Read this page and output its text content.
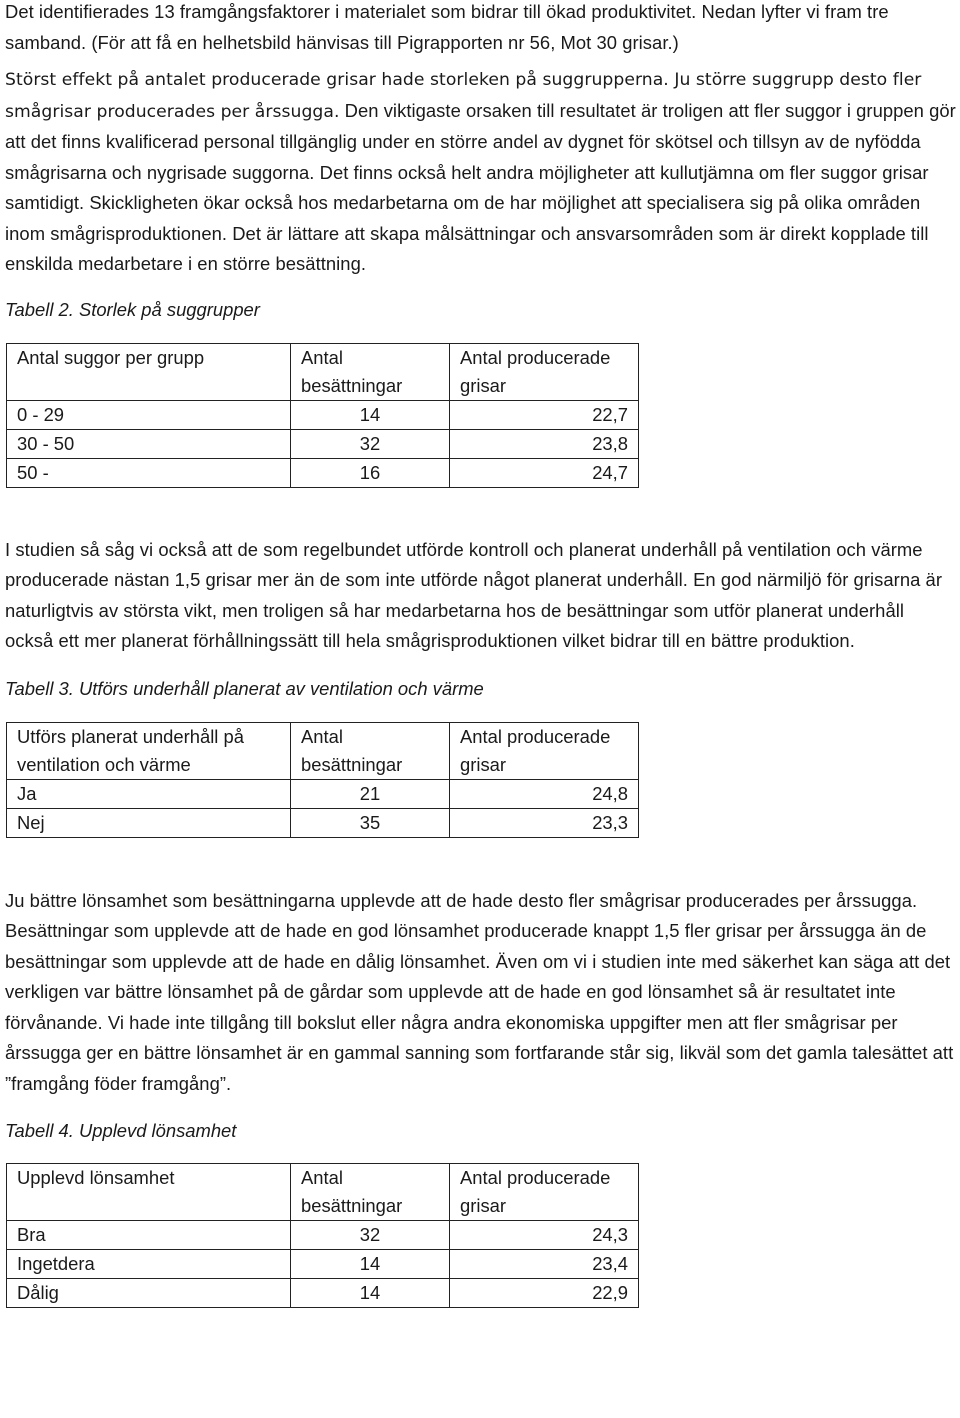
Det identifierades 13 framgångsfaktorer i materialet som bidrar till ökad produktivitet. Nedan lyfter vi fram tre samband. (För att få en helhetsbild hänvisas till Pigrapporten nr 56, Mot 30 grisar.)

Störst effekt på antalet producerade grisar hade storleken på suggrupperna. Ju större suggrupp desto fler smågrisar producerades per årssugga. Den viktigaste orsaken till resultatet är troligen att fler suggor i gruppen gör att det finns kvalificerad personal tillgänglig under en större andel av dygnet för skötsel och tillsyn av de nyfödda smågrisarna och nygrisade suggorna. Det finns också helt andra möjligheter att kullutjämna om fler suggor grisar samtidigt. Skickligheten ökar också hos medarbetarna om de har möjlighet att specialisera sig på olika områden inom smågrisproduktionen. Det är lättare att skapa målsättningar och ansvarsområden som är direkt kopplade till enskilda medarbetare i en större besättning.

Tabell 2. Storlek på suggrupper

Antal suggor per grupp	Antal besättningar	Antal producerade grisar
0 - 29	14	22,7
30 - 50	32	23,8
50 -	16	24,7

I studien så såg vi också att de som regelbundet utförde kontroll och planerat underhåll på ventilation och värme producerade nästan 1,5 grisar mer än de som inte utförde något planerat underhåll. En god närmiljö för grisarna är naturligtvis av största vikt, men troligen så har medarbetarna hos de besättningar som utför planerat underhåll också ett mer planerat förhållningssätt till hela smågrisproduktionen vilket bidrar till en bättre produktion.

Tabell 3. Utförs underhåll planerat av ventilation och värme

Utförs planerat underhåll på ventilation och värme	Antal besättningar	Antal producerade grisar
Ja	21	24,8
Nej	35	23,3

Ju bättre lönsamhet som besättningarna upplevde att de hade desto fler smågrisar producerades per årssugga. Besättningar som upplevde att de hade en god lönsamhet producerade knappt 1,5 fler grisar per årssugga än de besättningar som upplevde att de hade en dålig lönsamhet. Även om vi i studien inte med säkerhet kan säga att det verkligen var bättre lönsamhet på de gårdar som upplevde att de hade en god lönsamhet så är resultatet inte förvånande. Vi hade inte tillgång till bokslut eller några andra ekonomiska uppgifter men att fler smågrisar per årssugga ger en bättre lönsamhet är en gammal sanning som fortfarande står sig, likväl som det gamla talesättet att ”framgång föder framgång”.

Tabell 4. Upplevd lönsamhet

Upplevd lönsamhet	Antal besättningar	Antal producerade grisar
Bra	32	24,3
Ingetdera	14	23,4
Dålig	14	22,9
